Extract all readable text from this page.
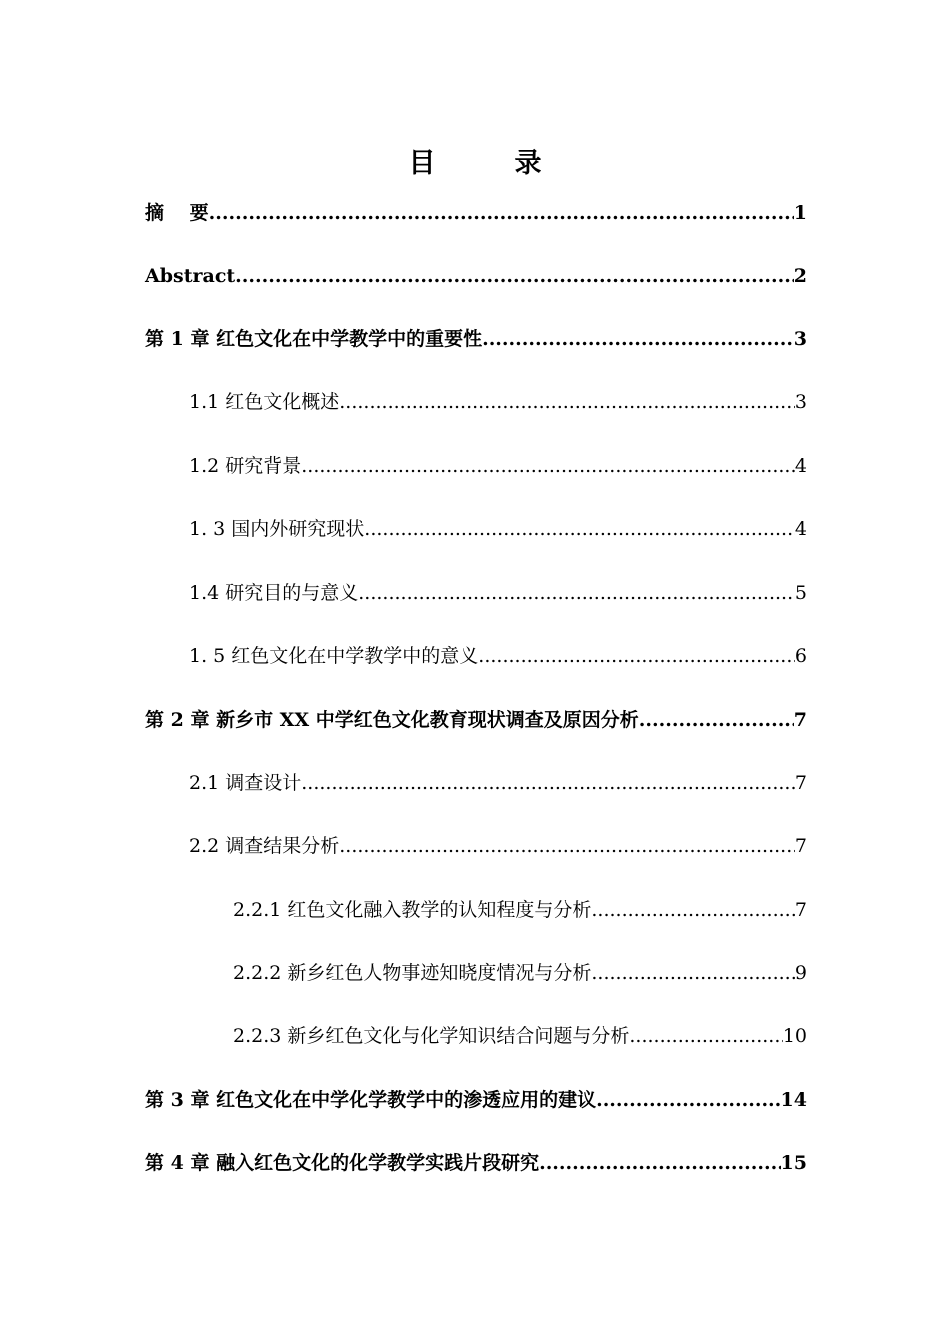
目　录
摘　 要 .....	1
Abstract .....	2
第 1 章 红色文化在中学教学中的重要性 .....	3
1.1 红色文化概述 .....	3
1.2 研究背景 .....	4
1. 3 国内外研究现状 .....	4
1.4 研究目的与意义 .....	5
1. 5 红色文化在中学教学中的意义 .....	6
第 2 章 新乡市 XX 中学红色文化教育现状调查及原因分析 .....	7
2.1 调查设计 .....	7
2.2 调查结果分析 .....	7
2.2.1 红色文化融入教学的认知程度与分析 .....	7
2.2.2 新乡红色人物事迹知晓度情况与分析 .....	9
2.2.3 新乡红色文化与化学知识结合问题与分析 .....	10
第 3 章 红色文化在中学化学教学中的渗透应用的建议 .....	14
第 4 章 融入红色文化的化学教学实践片段研究 .....	15
